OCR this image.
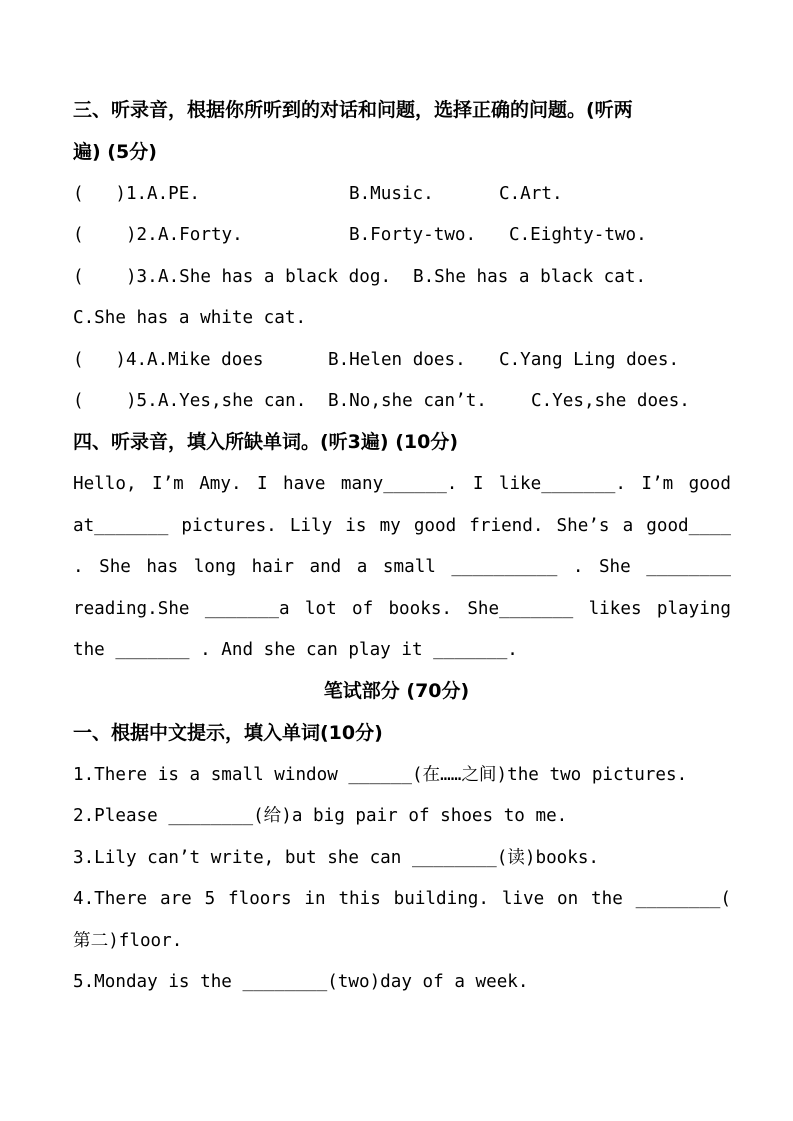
三、听录音，根据你所听到的对话和问题，选择正确的问题。(听两
遍) (5分)

(   )1.

A.PE.

	B.Music.

	C.Art.

(    )2.

A.Forty.

	B.Forty-two.

C.Eighty-two.

(    )3.

A.She has a black dog.

B.She has a black cat.

C.She has a white cat.

(   )4.

A.Mike does

	B.Helen does.

C.Yang Ling does.

(    )5.

A.Yes,she can.

B.No,she can’t.

	C.Yes,she does.

四、听录音，填入所缺单词。(听3遍) (10分)
Hello, I’m Amy. I have many______. I like_______. I’m good
at_______ pictures. Lily is my good friend. She’s a good____
. She has long hair and a small __________ . She ________
reading.She _______a lot of books. She_______ likes playing
the _______ . And she can play it _______.
笔试部分 (70分)
一、根据中文提示，填入单词(10分)
1.There is a small window ______(在……之间)the two pictures.
2.Please ________(给)a big pair of shoes to me.
3.Lily can’t write, but she can ________(读)books.
4.There are 5 floors in this building. live on the ________(
第二)floor.
5.Monday is the ________(two)day of a week.
